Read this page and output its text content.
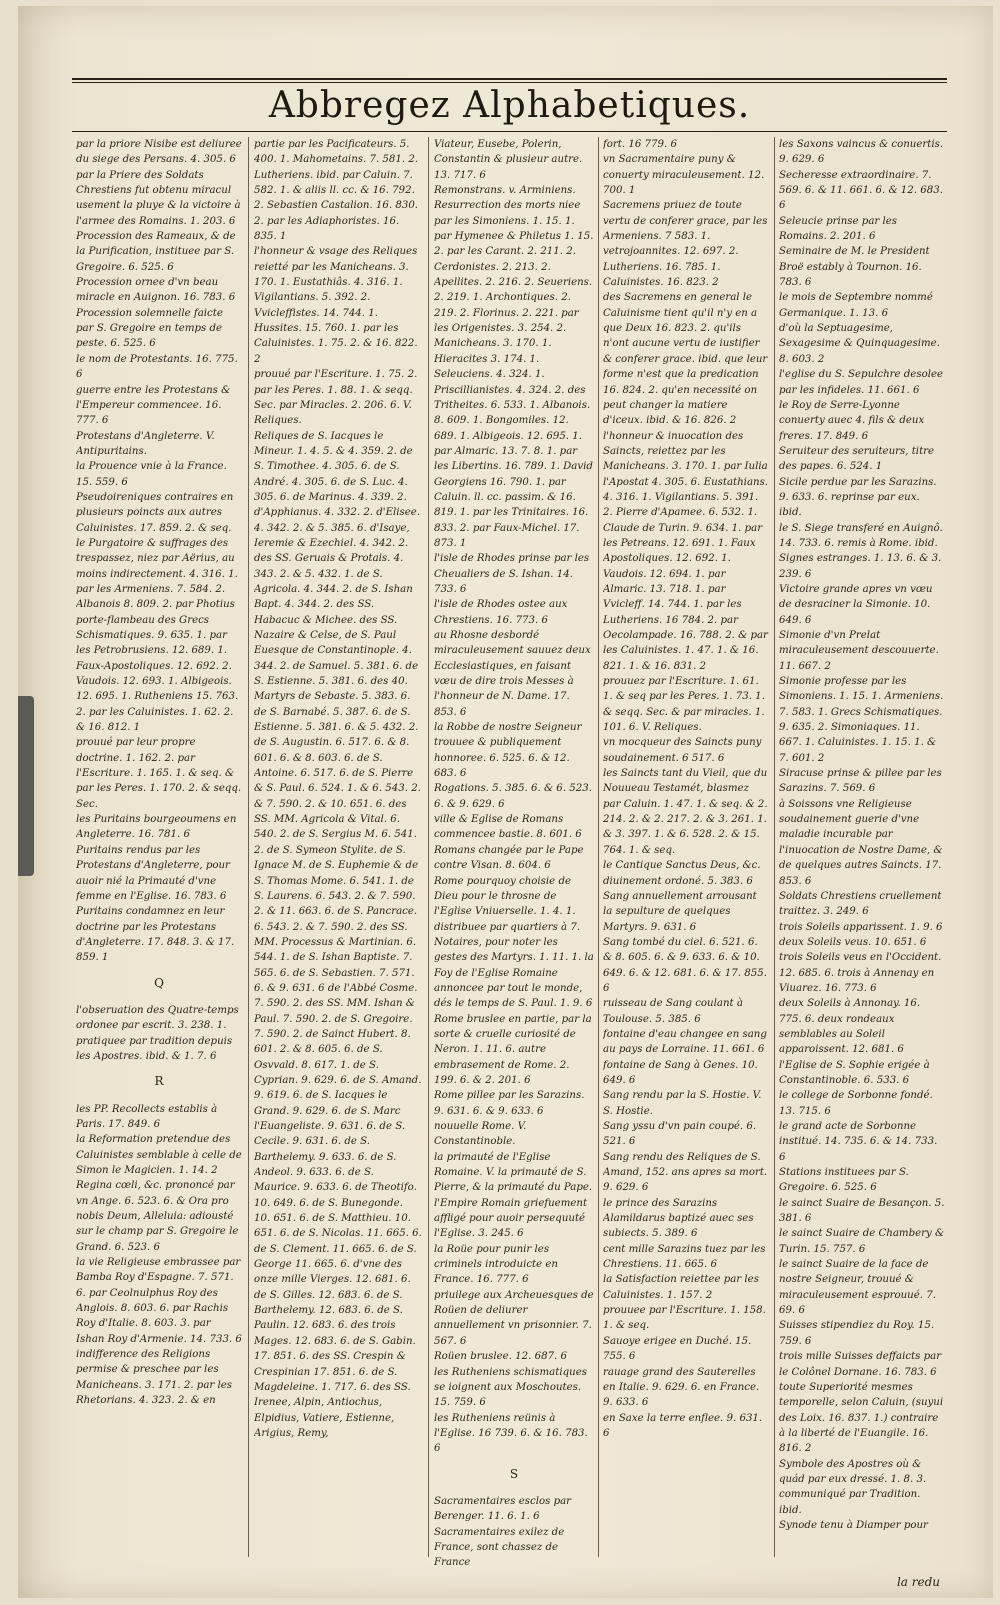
Abbregez Alphabetiques.
par la priore Nisibe est deliuree du siege des Persans. 4. 305. 6
par la Priere des Soldats Chrestiens fut obtenu miracul usement la pluye & la victoire à l'armee des Romains. 1. 203. 6
Procession des Rameaux, & de la Purification, instituee par S. Gregoire. 6. 525. 6
Procession ornee d'vn beau miracle en Auignon. 16. 783. 6
Procession solemnelle faicte par S. Gregoire en temps de peste. 6. 525. 6
le nom de Protestants. 16. 775. 6
guerre entre les Protestans & l'Empereur commencee. 16. 777. 6
Protestans d'Angleterre. V. Antipuritains.
la Prouence vnie à la France. 15. 559. 6
Pseudoireniques contraires en plusieurs poincts aux autres Caluinistes. 17. 859. 2. & seq.
le Purgatoire & suffrages des trespassez, niez par Aërius, au moins indirectement. 4. 316. 1. par les Armeniens. 7. 584. 2. Albanois 8. 809. 2. par Photius porte-flambeau des Grecs Schismatiques. 9. 635. 1. par les Petrobrusiens. 12. 689. 1. Faux-Apostoliques. 12. 692. 2. Vaudois. 12. 693. 1. Albigeois. 12. 695. 1. Rutheniens 15. 763. 2. par les Caluinistes. 1. 62. 2. & 16. 812. 1
prouué par leur propre doctrine. 1. 162. 2. par l'Escriture. 1. 165. 1. & seq. & par les Peres. 1. 170. 2. & seqq. Sec.
les Puritains bourgeoumens en Angleterre. 16. 781. 6
Puritains rendus par les Protestans d'Angleterre, pour auoir nié la Primauté d'vne femme en l'Eglise. 16. 783. 6
Puritains condamnez en leur doctrine par les Protestans d'Angleterre. 17. 848. 3. & 17. 859. 1
Q
l'obseruation des Quatre-temps ordonee par escrit. 3. 238. 1. pratiquee par tradition depuis les Apostres. ibid. & 1. 7. 6
R
les PP. Recollects establis à Paris. 17. 849. 6
la Reformation pretendue des Caluinistes semblable à celle de Simon le Magicien. 1. 14. 2
Regina cœli, &c. prononcé par vn Ange. 6. 523. 6. & Ora pro nobis Deum, Alleluia: adiousté sur le champ par S. Gregoire le Grand. 6. 523. 6
la vie Religieuse embrassee par Bamba Roy d'Espagne. 7. 571. 6. par Ceolnulphus Roy des Anglois. 8. 603. 6. par Rachis Roy d'Italie. 8. 603. 3. par Ishan Roy d'Armenie. 14. 733. 6
indifference des Religions permise & preschee par les Manicheans. 3. 171. 2. par les Rhetorians. 4. 323. 2. & en
partie par les Pacificateurs. 5. 400. 1. Mahometains. 7. 581. 2. Lutheriens. ibid. par Caluin. 7. 582. 1. & aliis ll. cc. & 16. 792. 2. Sebastien Castalion. 16. 830. 2. par les Adiaphoristes. 16. 835. 1
l'honneur & vsage des Reliques reietté par les Manicheans. 3. 170. 1. Eustathiâs. 4. 316. 1. Vigilantians. 5. 392. 2. Vvicleffistes. 14. 744. 1. Hussites. 15. 760. 1. par les Caluinistes. 1. 75. 2. & 16. 822. 2
prouué par l'Escriture. 1. 75. 2. par les Peres. 1. 88. 1. & seqq. Sec. par Miracles. 2. 206. 6. V. Reliques.
Reliques de S. Iacques le Mineur. 1. 4. 5. & 4. 359. 2. de S. Timothee. 4. 305. 6. de S. André. 4. 305. 6. de S. Luc. 4. 305. 6. de Marinus. 4. 339. 2. d'Apphianus. 4. 332. 2. d'Elisee. 4. 342. 2. & 5. 385. 6. d'Isaye, Ieremie & Ezechiel. 4. 342. 2. des SS. Geruais & Protais. 4. 343. 2. & 5. 432. 1. de S. Agricola. 4. 344. 2. de S. Ishan Bapt. 4. 344. 2. des SS. Habacuc & Michee. des SS. Nazaire & Celse, de S. Paul Euesque de Constantinople. 4. 344. 2. de Samuel. 5. 381. 6. de S. Estienne. 5. 381. 6. des 40. Martyrs de Sebaste. 5. 383. 6. de S. Barnabé. 5. 387. 6. de S. Estienne. 5. 381. 6. & 5. 432. 2. de S. Augustin. 6. 517. 6. & 8. 601. 6. & 8. 603. 6. de S. Antoine. 6. 517. 6. de S. Pierre & S. Paul. 6. 524. 1. & 6. 543. 2. & 7. 590. 2. & 10. 651. 6. des SS. MM. Agricola & Vital. 6. 540. 2. de S. Sergius M. 6. 541. 2. de S. Symeon Stylite. de S. Ignace M. de S. Euphemie & de S. Thomas Mome. 6. 541. 1. de S. Laurens. 6. 543. 2. & 7. 590. 2. & 11. 663. 6. de S. Pancrace. 6. 543. 2. & 7. 590. 2. des SS. MM. Processus & Martinian. 6. 544. 1. de S. Ishan Baptiste. 7. 565. 6. de S. Sebastien. 7. 571. 6. & 9. 631. 6 de l'Abbé Cosme. 7. 590. 2. des SS. MM. Ishan & Paul. 7. 590. 2. de S. Gregoire. 7. 590. 2. de Sainct Hubert. 8. 601. 2. & 8. 605. 6. de S. Osvvald. 8. 617. 1. de S. Cyprian. 9. 629. 6. de S. Amand. 9. 619. 6. de S. Iacques le Grand. 9. 629. 6. de S. Marc l'Euangeliste. 9. 631. 6. de S. Cecile. 9. 631. 6. de S. Barthelemy. 9. 633. 6. de S. Andeol. 9. 633. 6. de S. Maurice. 9. 633. 6. de Theotifo. 10. 649. 6. de S. Bunegonde. 10. 651. 6. de S. Matthieu. 10. 651. 6. de S. Nicolas. 11. 665. 6. de S. Clement. 11. 665. 6. de S. George 11. 665. 6. d'vne des onze mille Vierges. 12. 681. 6. de S. Gilles. 12. 683. 6. de S. Barthelemy. 12. 683. 6. de S. Paulin. 12. 683. 6. des trois Mages. 12. 683. 6. de S. Gabin. 17. 851. 6. des SS. Crespin & Crespinian 17. 851. 6. de S. Magdeleine. 1. 717. 6. des SS. Irenee, Alpin, Antiochus, Elpidius, Vatiere, Estienne, Arigius, Remy,
Viateur, Eusebe, Polerin, Constantin & plusieur autre. 13. 717. 6
Remonstrans. v. Arminiens.
Resurrection des morts niee par les Simoniens. 1. 15. 1. par Hymenee & Philetus 1. 15. 2. par les Carant. 2. 211. 2. Cerdonistes. 2. 213. 2. Apellites. 2. 216. 2. Seueriens. 2. 219. 1. Archontiques. 2. 219. 2. Florinus. 2. 221. par les Origenistes. 3. 254. 2. Manicheans. 3. 170. 1. Hieracites 3. 174. 1. Seleuciens. 4. 324. 1. Priscillianistes. 4. 324. 2. des Tritheites. 6. 533. 1. Albanois. 8. 609. 1. Bongomiles. 12. 689. 1. Albigeois. 12. 695. 1. par Almaric. 13. 7. 8. 1. par les Libertins. 16. 789. 1. David Georgiens 16. 790. 1. par Caluin. ll. cc. passim. & 16. 819. 1. par les Trinitaires. 16. 833. 2. par Faux-Michel. 17. 873. 1
l'isle de Rhodes prinse par les Cheualiers de S. Ishan. 14. 733. 6
l'isle de Rhodes ostee aux Chrestiens. 16. 773. 6
au Rhosne desbordé miraculeusement sauuez deux Ecclesiastiques, en faisant vœu de dire trois Messes à l'honneur de N. Dame. 17. 853. 6
la Robbe de nostre Seigneur trouuee & publiquement honnoree. 6. 525. 6. & 12. 683. 6
Rogations. 5. 385. 6. & 6. 523. 6. & 9. 629. 6
ville & Eglise de Romans commencee bastie. 8. 601. 6
Romans changée par le Pape contre Visan. 8. 604. 6
Rome pourquoy choisie de Dieu pour le throsne de l'Eglise Vniuerselle. 1. 4. 1. distribuee par quartiers à 7. Notaires, pour noter les gestes des Martyrs. 1. 11. 1. la Foy de l'Eglise Romaine annoncee par tout le monde, dés le temps de S. Paul. 1. 9. 6
Rome bruslee en partie, par la sorte & cruelle curiosité de Neron. 1. 11. 6. autre embrasement de Rome. 2. 199. 6. & 2. 201. 6
Rome pillee par les Sarazins. 9. 631. 6. & 9. 633. 6
nouuelle Rome. V. Constantinoble.
la primauté de l'Eglise Romaine. V. la primauté de S. Pierre, & la primauté du Pape.
l'Empire Romain griefuement affligé pour auoir persequuté l'Eglise. 3. 245. 6
la Roüe pour punir les criminels introduicte en France. 16. 777. 6
priuilege aux Archeuesques de Roüen de deliurer annuellement vn prisonnier. 7. 567. 6
Roüen bruslee. 12. 687. 6
les Rutheniens schismatiques se ioignent aux Moschoutes. 15. 759. 6
les Rutheniens reünis à l'Eglise. 16 739. 6. & 16. 783. 6
S
Sacramentaires esclos par Berenger. 11. 6. 1. 6
Sacramentaires exilez de France, sont chassez de France
fort. 16 779. 6
vn Sacramentaire puny & conuerty miraculeusement. 12. 700. 1
Sacremens priuez de toute vertu de conferer grace, par les Armeniens. 7 583. 1. vetrojoannites. 12. 697. 2. Lutheriens. 16. 785. 1. Caluinistes. 16. 823. 2
des Sacremens en general le Caluinisme tient qu'il n'y en a que Deux 16. 823. 2. qu'ils n'ont aucune vertu de iustifier & conferer grace. ibid. que leur forme n'est que la predication 16. 824. 2. qu'en necessité on peut changer la matiere d'iceux. ibid. & 16. 826. 2
l'honneur & inuocation des Saincts, reiettez par les Manicheans. 3. 170. 1. par Iulia l'Apostat 4. 305. 6. Eustathians. 4. 316. 1. Vigilantians. 5. 391. 2. Pierre d'Apamee. 6. 532. 1. Claude de Turin. 9. 634. 1. par les Petreans. 12. 691. 1. Faux Apostoliques. 12. 692. 1. Vaudois. 12. 694. 1. par Almaric. 13. 718. 1. par Vvicleff. 14. 744. 1. par les Lutheriens. 16 784. 2. par Oecolampade. 16. 788. 2. & par les Caluinistes. 1. 47. 1. & 16. 821. 1. & 16. 831. 2
prouuez par l'Escriture. 1. 61. 1. & seq par les Peres. 1. 73. 1. & seqq. Sec. & par miracles. 1. 101. 6. V. Reliques.
vn mocqueur des Saincts puny soudainement. 6 517. 6
les Saincts tant du Vieil, que du Nouueau Testamét, blasmez par Caluin. 1. 47. 1. & seq. & 2. 214. 2. & 2. 217. 2. & 3. 261. 1. & 3. 397. 1. & 6. 528. 2. & 15. 764. 1. & seq.
le Cantique Sanctus Deus, &c. diuinement ordoné. 5. 383. 6
Sang annuellement arrousant la sepulture de quelques Martyrs. 9. 631. 6
Sang tombé du ciel. 6. 521. 6. & 8. 605. 6. & 9. 633. 6. & 10. 649. 6. & 12. 681. 6. & 17. 855. 6
ruisseau de Sang coulant à Toulouse. 5. 385. 6
fontaine d'eau changee en sang au pays de Lorraine. 11. 661. 6
fontaine de Sang à Genes. 10. 649. 6
Sang rendu par la S. Hostie. V. S. Hostie.
Sang yssu d'vn pain coupé. 6. 521. 6
Sang rendu des Reliques de S. Amand, 152. ans apres sa mort. 9. 629. 6
le prince des Sarazins Alamildarus baptizé auec ses subiects. 5. 389. 6
cent mille Sarazins tuez par les Chrestiens. 11. 665. 6
la Satisfaction reiettee par les Caluinistes. 1. 157. 2
prouuee par l'Escriture. 1. 158. 1. & seq.
Sauoye erigee en Duché. 15. 755. 6
rauage grand des Sauterelles en Italie. 9. 629. 6. en France. 9. 633. 6
en Saxe la terre enflee. 9. 631. 6
les Saxons vaincus & conuertis. 9. 629. 6
Secheresse extraordinaire. 7. 569. 6. & 11. 661. 6. & 12. 683. 6
Seleucie prinse par les Romains. 2. 201. 6
Seminaire de M. le President Broë estably à Tournon. 16. 783. 6
le mois de Septembre nommé Germanique. 1. 13. 6
d'où la Septuagesime, Sexagesime & Quinquagesime. 8. 603. 2
l'eglise du S. Sepulchre desolee par les infideles. 11. 661. 6
le Roy de Serre-Lyonne conuerty auec 4. fils & deux freres. 17. 849. 6
Seruiteur des seruiteurs, titre des papes. 6. 524. 1
Sicile perdue par les Sarazins. 9. 633. 6. reprinse par eux. ibid.
le S. Siege transferé en Auignô. 14. 733. 6. remis à Rome. ibid.
Signes estranges. 1. 13. 6. & 3. 239. 6
Victoire grande apres vn vœu de desraciner la Simonie. 10. 649. 6
Simonie d'vn Prelat miraculeusement descouuerte. 11. 667. 2
Simonie professe par les Simoniens. 1. 15. 1. Armeniens. 7. 583. 1. Grecs Schismatiques. 9. 635. 2. Simoniaques. 11. 667. 1. Caluinistes. 1. 15. 1. & 7. 601. 2
Siracuse prinse & pillee par les Sarazins. 7. 569. 6
à Soissons vne Religieuse soudainement guerie d'vne maladie incurable par l'inuocation de Nostre Dame, & de quelques autres Saincts. 17. 853. 6
Soldats Chrestiens cruellement traittez. 3. 249. 6
trois Soleils apparissent. 1. 9. 6
deux Soleils veus. 10. 651. 6
trois Soleils veus en l'Occident. 12. 685. 6. trois à Annenay en Viuarez. 16. 773. 6
deux Soleils à Annonay. 16. 775. 6. deux rondeaux semblables au Soleil apparoissent. 12. 681. 6
l'Eglise de S. Sophie erigée à Constantinoble. 6. 533. 6
le college de Sorbonne fondé. 13. 715. 6
le grand acte de Sorbonne institué. 14. 735. 6. & 14. 733. 6
Stations instituees par S. Gregoire. 6. 525. 6
le sainct Suaire de Besançon. 5. 381. 6
le sainct Suaire de Chambery & Turin. 15. 757. 6
le sainct Suaire de la face de nostre Seigneur, trouué & miraculeusement esprouué. 7. 69. 6
Suisses stipendiez du Roy. 15. 759. 6
trois mille Suisses deffaicts par le Colônel Dornane. 16. 783. 6
toute Superiorité mesmes temporelle, selon Caluin, (suyui des Loix. 16. 837. 1.) contraire à la liberté de l'Euangile. 16. 816. 2
Symbole des Apostres où & quád par eux dressé. 1. 8. 3. communiqué par Tradition. ibid.
Synode tenu à Diamper pour
la redu
